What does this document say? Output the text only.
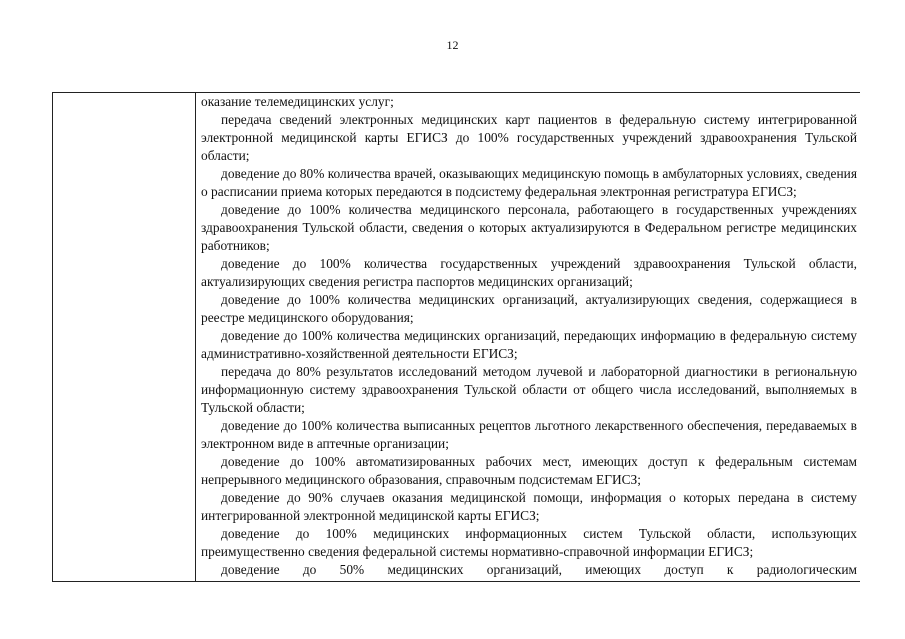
12

оказание телемедицинских услуг;

передача сведений электронных медицинских карт пациентов в федеральную систему интегрированной электронной медицинской карты ЕГИСЗ до 100% государственных учреждений здравоохранения Тульской области;

доведение до 80% количества врачей, оказывающих медицинскую помощь в амбулаторных условиях, сведения о расписании приема которых передаются в подсистему федеральная электронная регистратура ЕГИСЗ;

доведение до 100% количества медицинского персонала, работающего в государственных учреждениях здравоохранения Тульской области, сведения о которых актуализируются в Федеральном регистре медицинских работников;

доведение до 100% количества государственных учреждений здравоохранения Тульской области, актуализирующих сведения регистра паспортов медицинских организаций;

доведение до 100% количества медицинских организаций, актуализирующих сведения, содержащиеся в реестре медицинского оборудования;

доведение до 100% количества медицинских организаций, передающих информацию в федеральную систему административно-хозяйственной деятельности ЕГИСЗ;

передача до 80% результатов исследований методом лучевой и лабораторной диагностики в региональную информационную систему здравоохранения Тульской области от общего числа исследований, выполняемых в Тульской области;

доведение до 100% количества выписанных рецептов льготного лекарственного обеспечения, передаваемых в электронном виде в аптечные организации;

доведение до 100% автоматизированных рабочих мест, имеющих доступ к федеральным системам непрерывного медицинского образования, справочным подсистемам ЕГИСЗ;

доведение до 90% случаев оказания медицинской помощи, информация о которых передана в систему интегрированной электронной медицинской карты ЕГИСЗ;

доведение до 100% медицинских информационных систем Тульской области, использующих преимущественно сведения федеральной системы нормативно-справочной информации ЕГИСЗ;

доведение до 50% медицинских организаций, имеющих доступ к радиологическим
